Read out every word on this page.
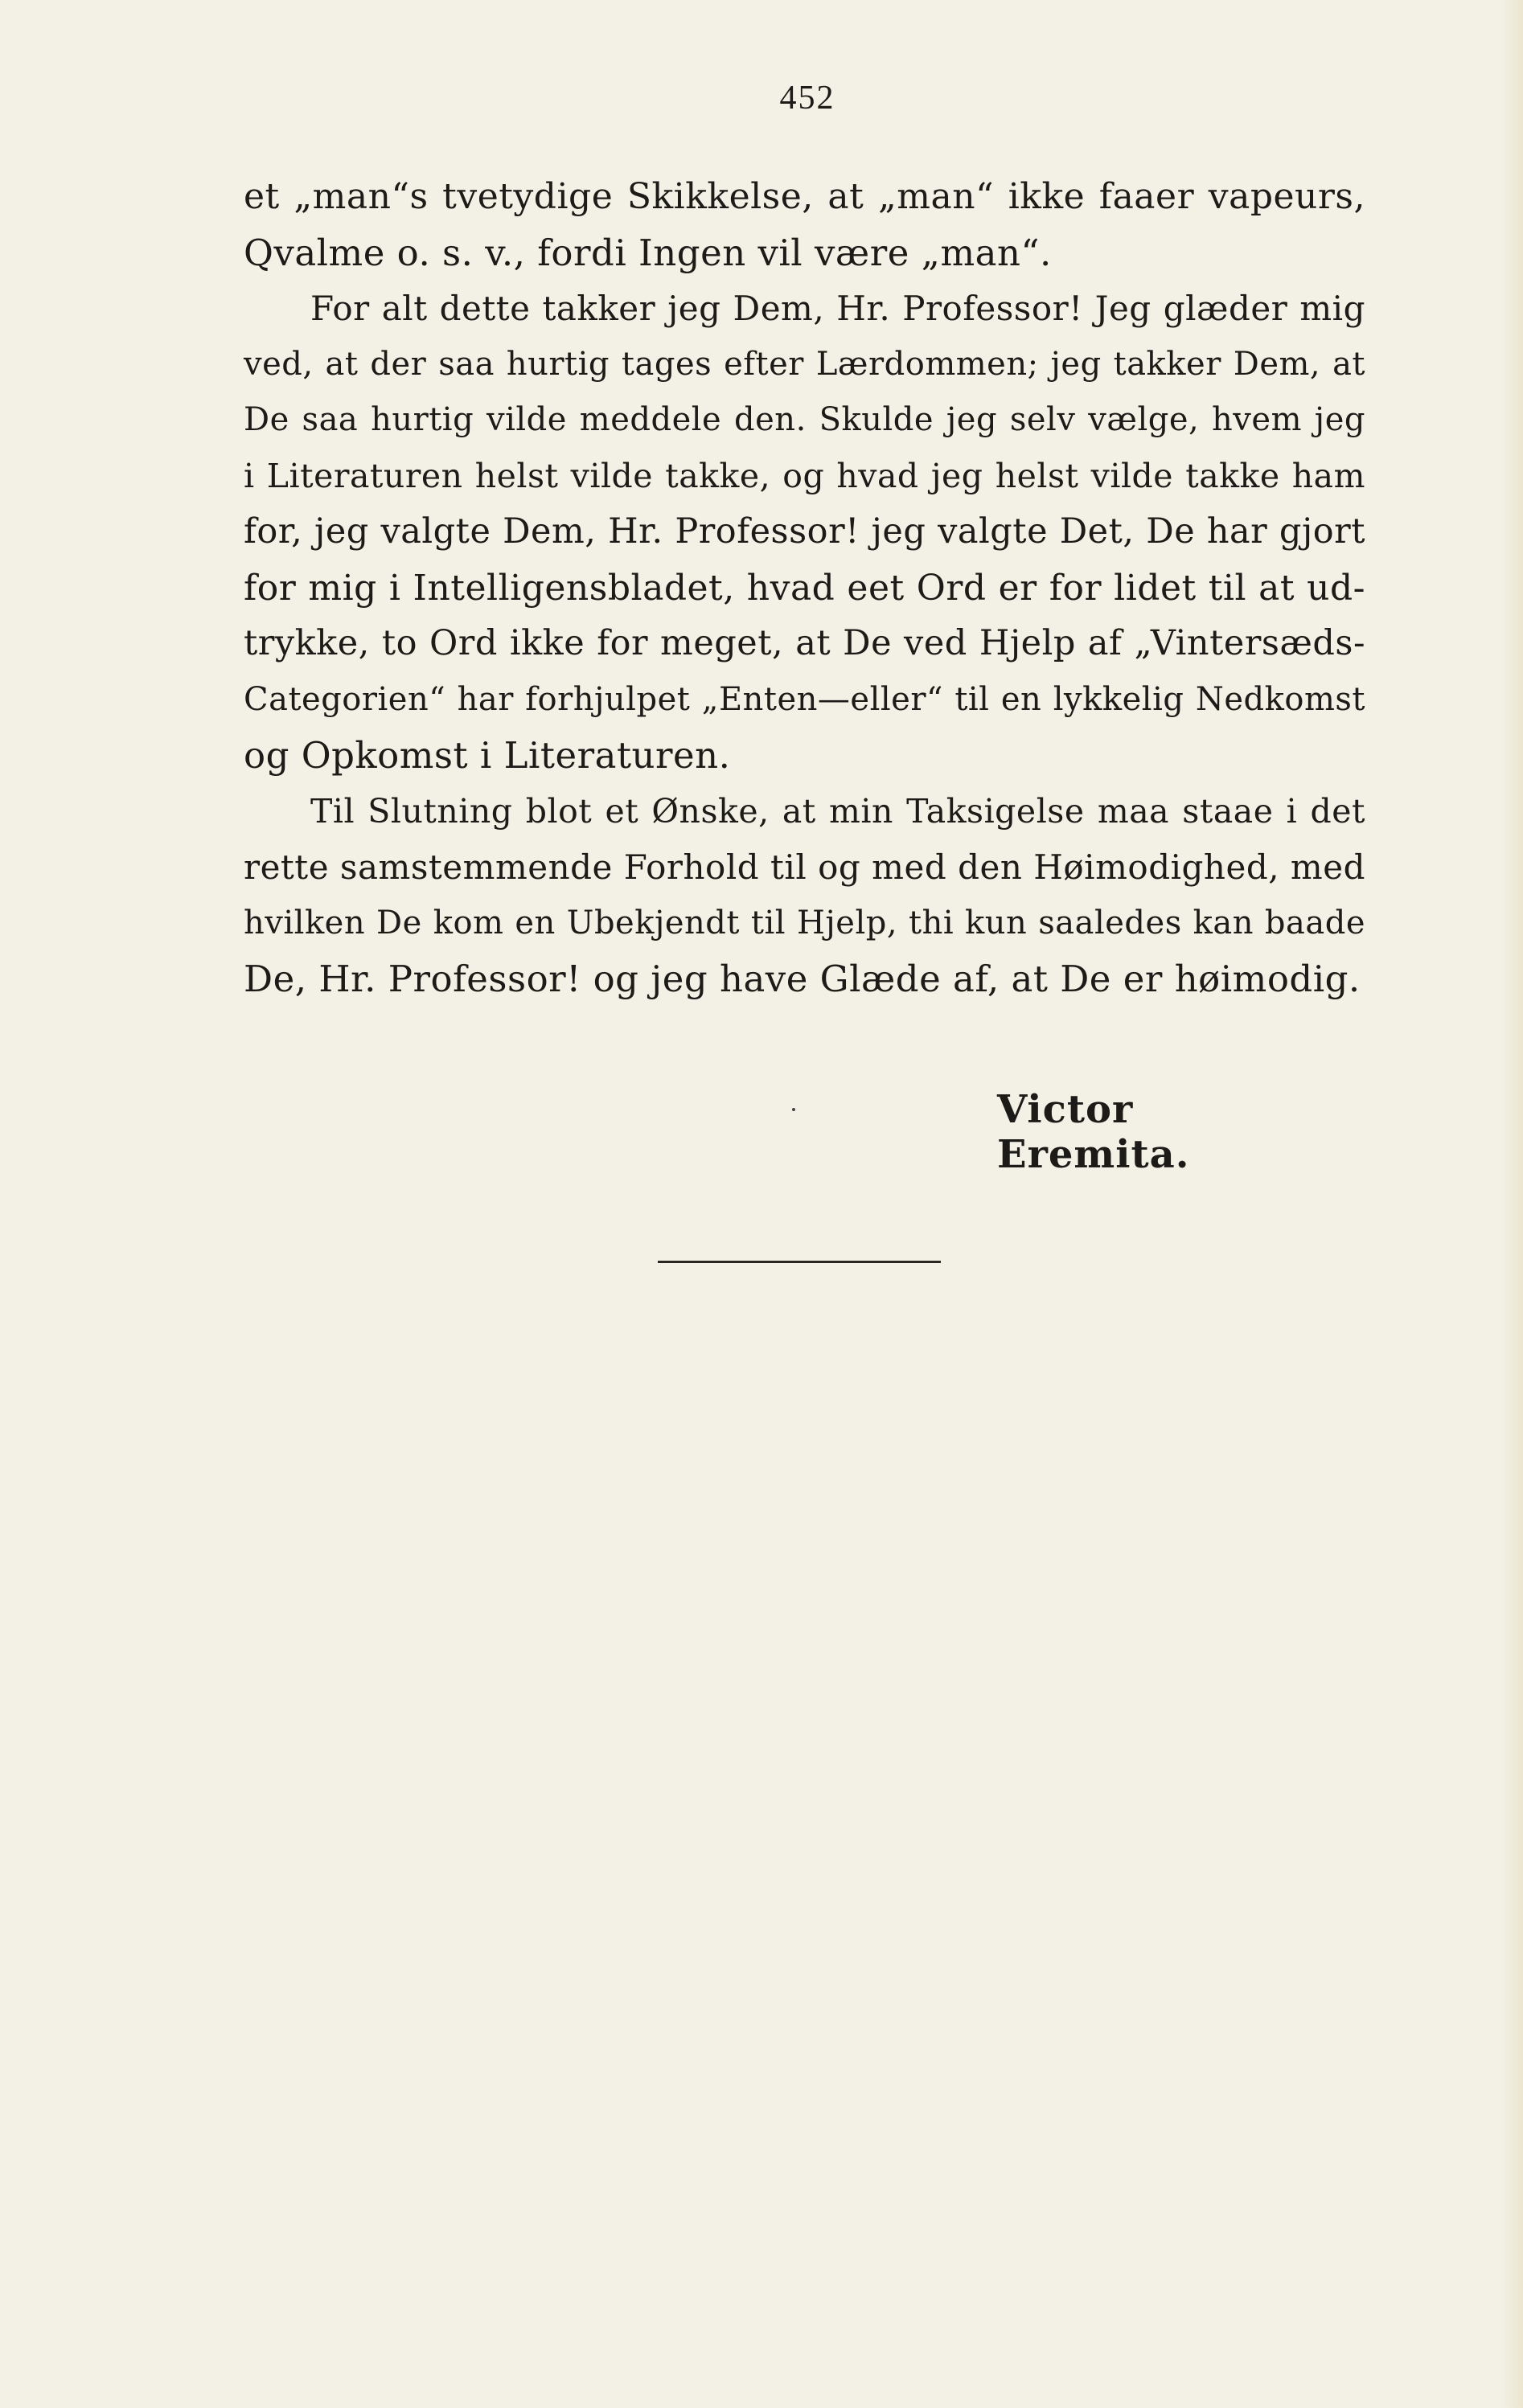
452
et „man“s tvetydige Skikkelse, at „man“ ikke faaer vapeurs,
Qvalme o. s. v., fordi Ingen vil være „man“.
For alt dette takker jeg Dem, Hr. Professor! Jeg glæder mig
ved, at der saa hurtig tages efter Lærdommen; jeg takker Dem, at
De saa hurtig vilde meddele den. Skulde jeg selv vælge, hvem jeg
i Literaturen helst vilde takke, og hvad jeg helst vilde takke ham
for, jeg valgte Dem, Hr. Professor! jeg valgte Det, De har gjort
for mig i Intelligensbladet, hvad eet Ord er for lidet til at ud-
trykke, to Ord ikke for meget, at De ved Hjelp af „Vintersæds-
Categorien“ har forhjulpet „Enten—eller“ til en lykkelig Nedkomst
og Opkomst i Literaturen.
Til Slutning blot et Ønske, at min Taksigelse maa staae i det
rette samstemmende Forhold til og med den Høimodighed, med
hvilken De kom en Ubekjendt til Hjelp, thi kun saaledes kan baade
De, Hr. Professor! og jeg have Glæde af, at De er høimodig.
Victor Eremita.
